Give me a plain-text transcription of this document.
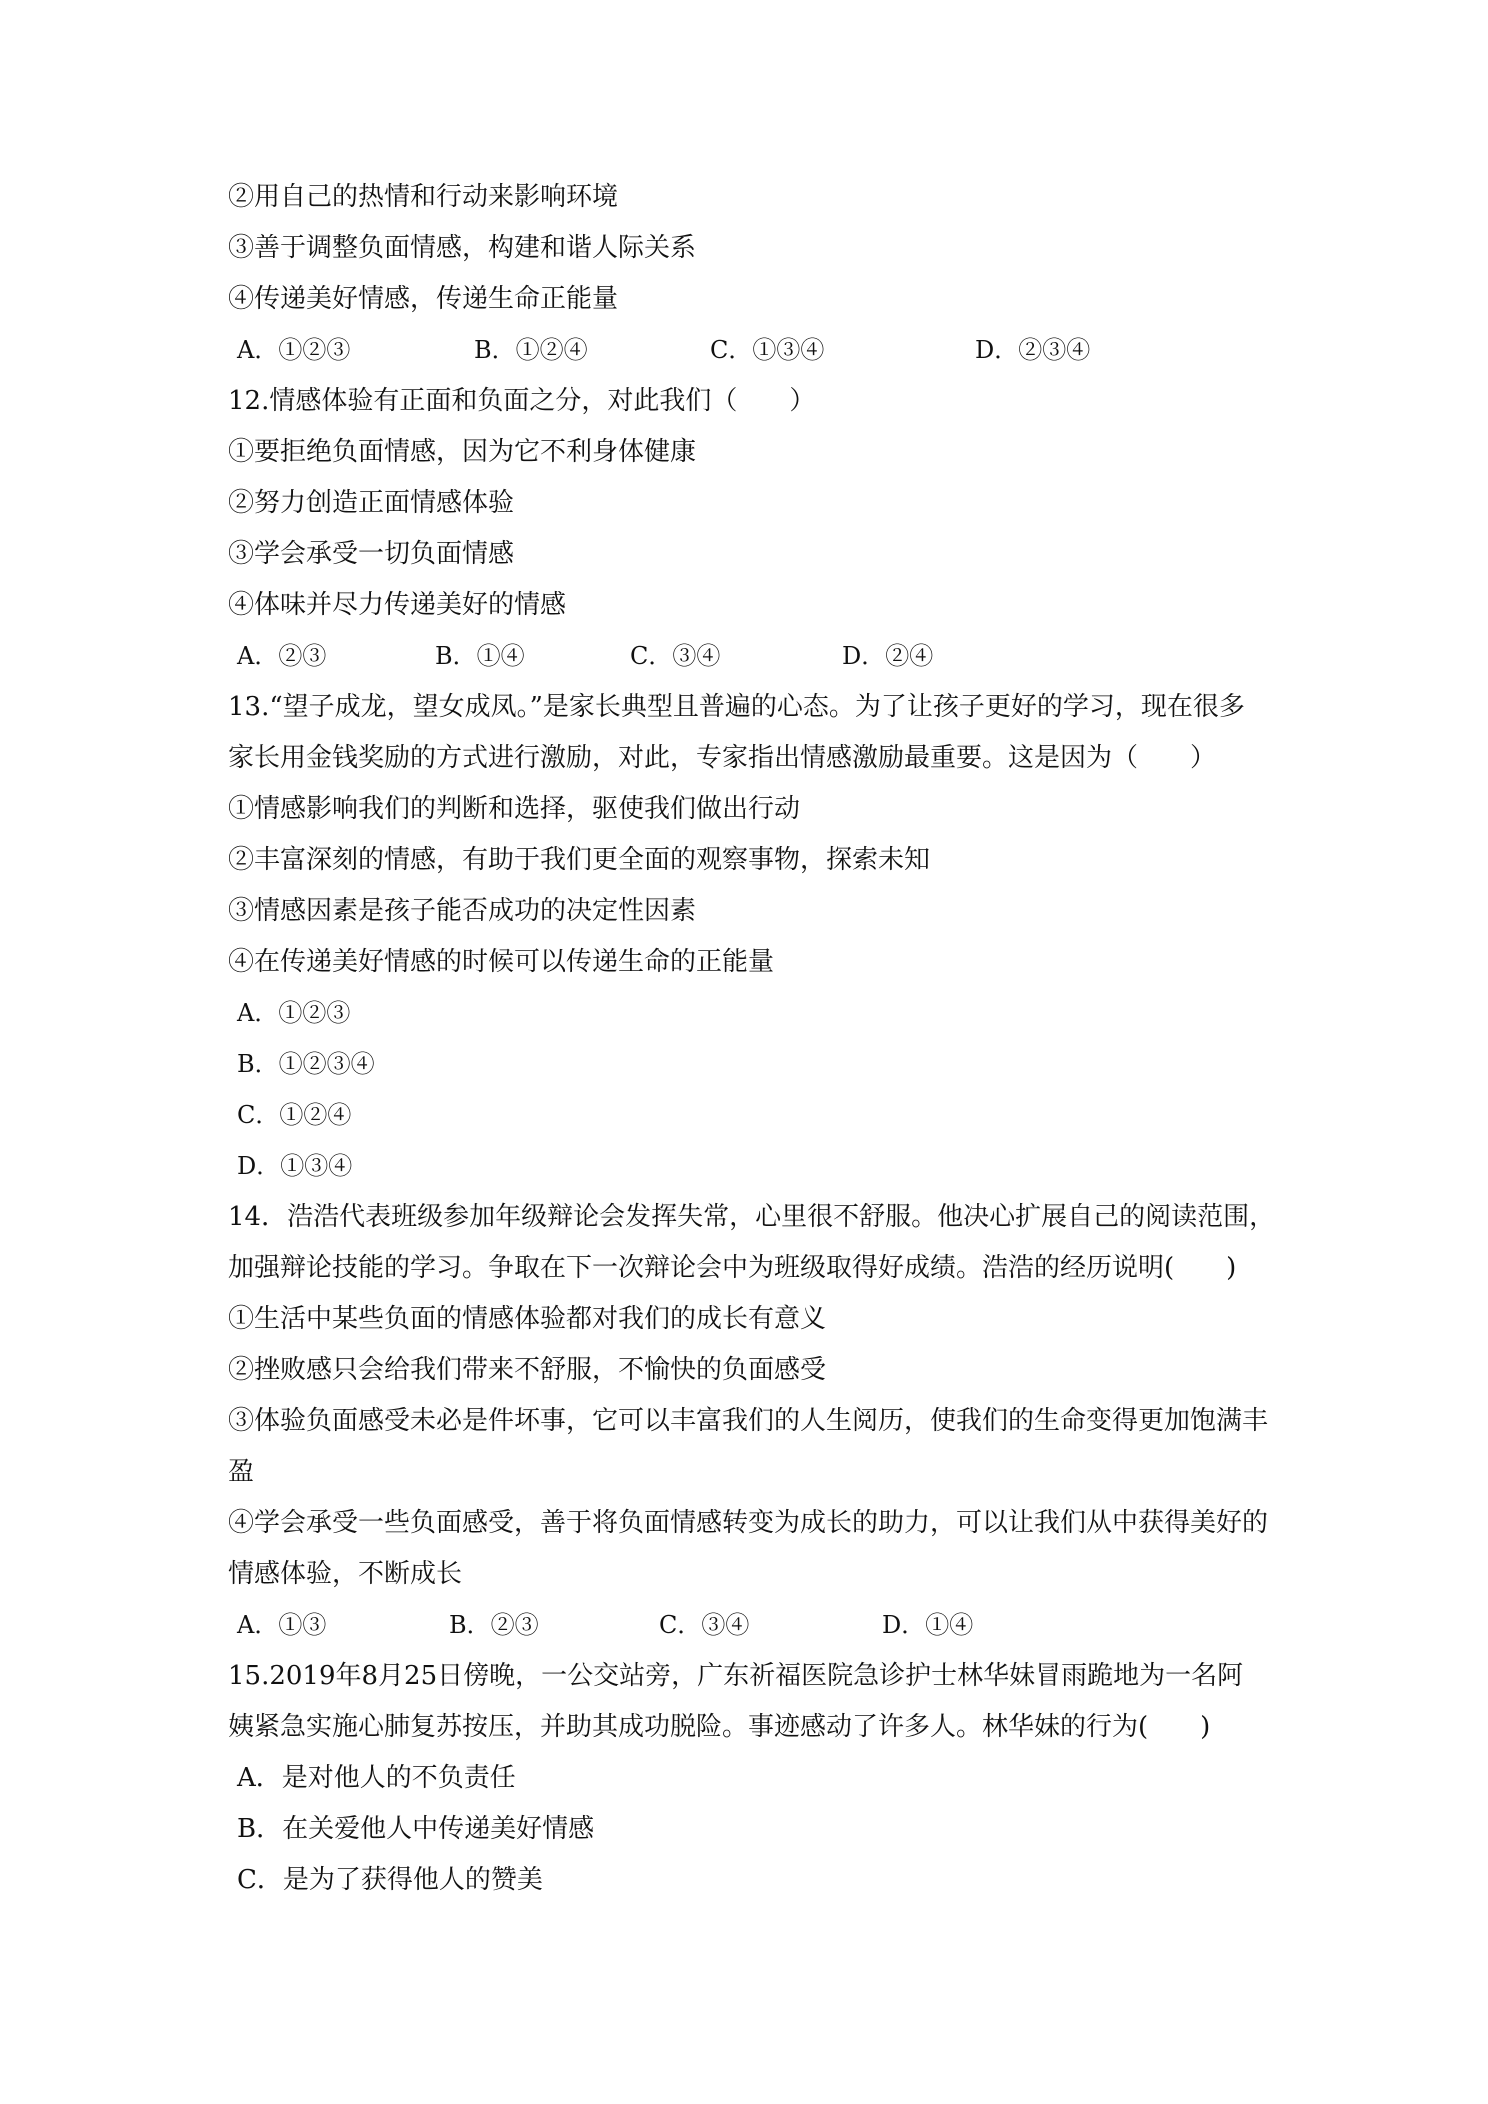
②用自己的热情和行动来影响环境
③善于调整负面情感，构建和谐人际关系
④传递美好情感，传递生命正能量
A．①②③	B．①②④	C．①③④	D．②③④
12.情感体验有正面和负面之分，对此我们（　　）
①要拒绝负面情感，因为它不利身体健康
②努力创造正面情感体验
③学会承受一切负面情感
④体味并尽力传递美好的情感
A．②③	B．①④	C．③④	D．②④
13.“望子成龙，望女成凤。”是家长典型且普遍的心态。为了让孩子更好的学习，现在很多
家长用金钱奖励的方式进行激励，对此，专家指出情感激励最重要。这是因为（　　）
①情感影响我们的判断和选择，驱使我们做出行动
②丰富深刻的情感，有助于我们更全面的观察事物，探索未知
③情感因素是孩子能否成功的决定性因素
④在传递美好情感的时候可以传递生命的正能量
A．①②③
B．①②③④
C．①②④
D．①③④
14．浩浩代表班级参加年级辩论会发挥失常，心里很不舒服。他决心扩展自己的阅读范围，
加强辩论技能的学习。争取在下一次辩论会中为班级取得好成绩。浩浩的经历说明(　　)
①生活中某些负面的情感体验都对我们的成长有意义
②挫败感只会给我们带来不舒服，不愉快的负面感受
③体验负面感受未必是件坏事，它可以丰富我们的人生阅历，使我们的生命变得更加饱满丰
盈
④学会承受一些负面感受，善于将负面情感转变为成长的助力，可以让我们从中获得美好的
情感体验，不断成长
A．①③	B．②③	C．③④	D．①④
15.2019年8月25日傍晚，一公交站旁，广东祈福医院急诊护士林华妹冒雨跪地为一名阿
姨紧急实施心肺复苏按压，并助其成功脱险。事迹感动了许多人。林华妹的行为(　　)
A．是对他人的不负责任
B．在关爱他人中传递美好情感
C．是为了获得他人的赞美
